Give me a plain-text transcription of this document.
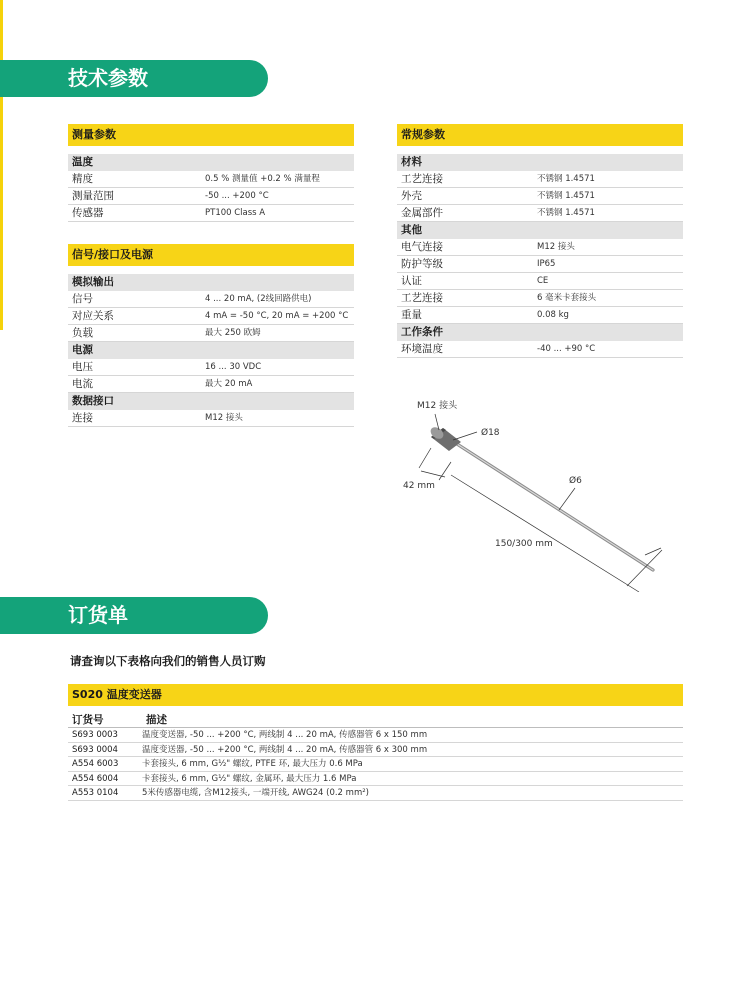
技术参数
测量参数
温度
精度	0.5 % 测量值 +0.2 % 满量程
测量范围	-50 ... +200 °C
传感器	PT100 Class A
信号/接口及电源
模拟输出
信号	4 ... 20 mA, (2线回路供电)
对应关系	4 mA = -50 °C, 20 mA = +200 °C
负载	最大 250 欧姆
电源
电压	16 ... 30 VDC
电流	最大 20 mA
数据接口
连接	M12 接头
常规参数
材料
工艺连接	不锈钢 1.4571
外壳	不锈钢 1.4571
金属部件	不锈钢 1.4571
其他
电气连接	M12 接头
防护等级	IP65
认证	CE
工艺连接	6 毫米卡套接头
重量	0.08 kg
工作条件
环境温度	-40 ... +90 °C
M12 接头
Ø18
42 mm	Ø6
150/300 mm
订货单
请查询以下表格向我们的销售人员订购
S020 温度变送器
订货号	描述
S693 0003	温度变送器, -50 ... +200 °C, 两线制 4 ... 20 mA, 传感器管 6 x 150 mm
S693 0004	温度变送器, -50 ... +200 °C, 两线制 4 ... 20 mA, 传感器管 6 x 300 mm
A554 6003	卡套接头, 6 mm, G½" 螺纹, PTFE 环, 最大压力 0.6 MPa
A554 6004	卡套接头, 6 mm, G½" 螺纹, 金属环, 最大压力 1.6 MPa
A553 0104	5米传感器电缆, 含M12接头, 一端开线, AWG24 (0.2 mm²)
